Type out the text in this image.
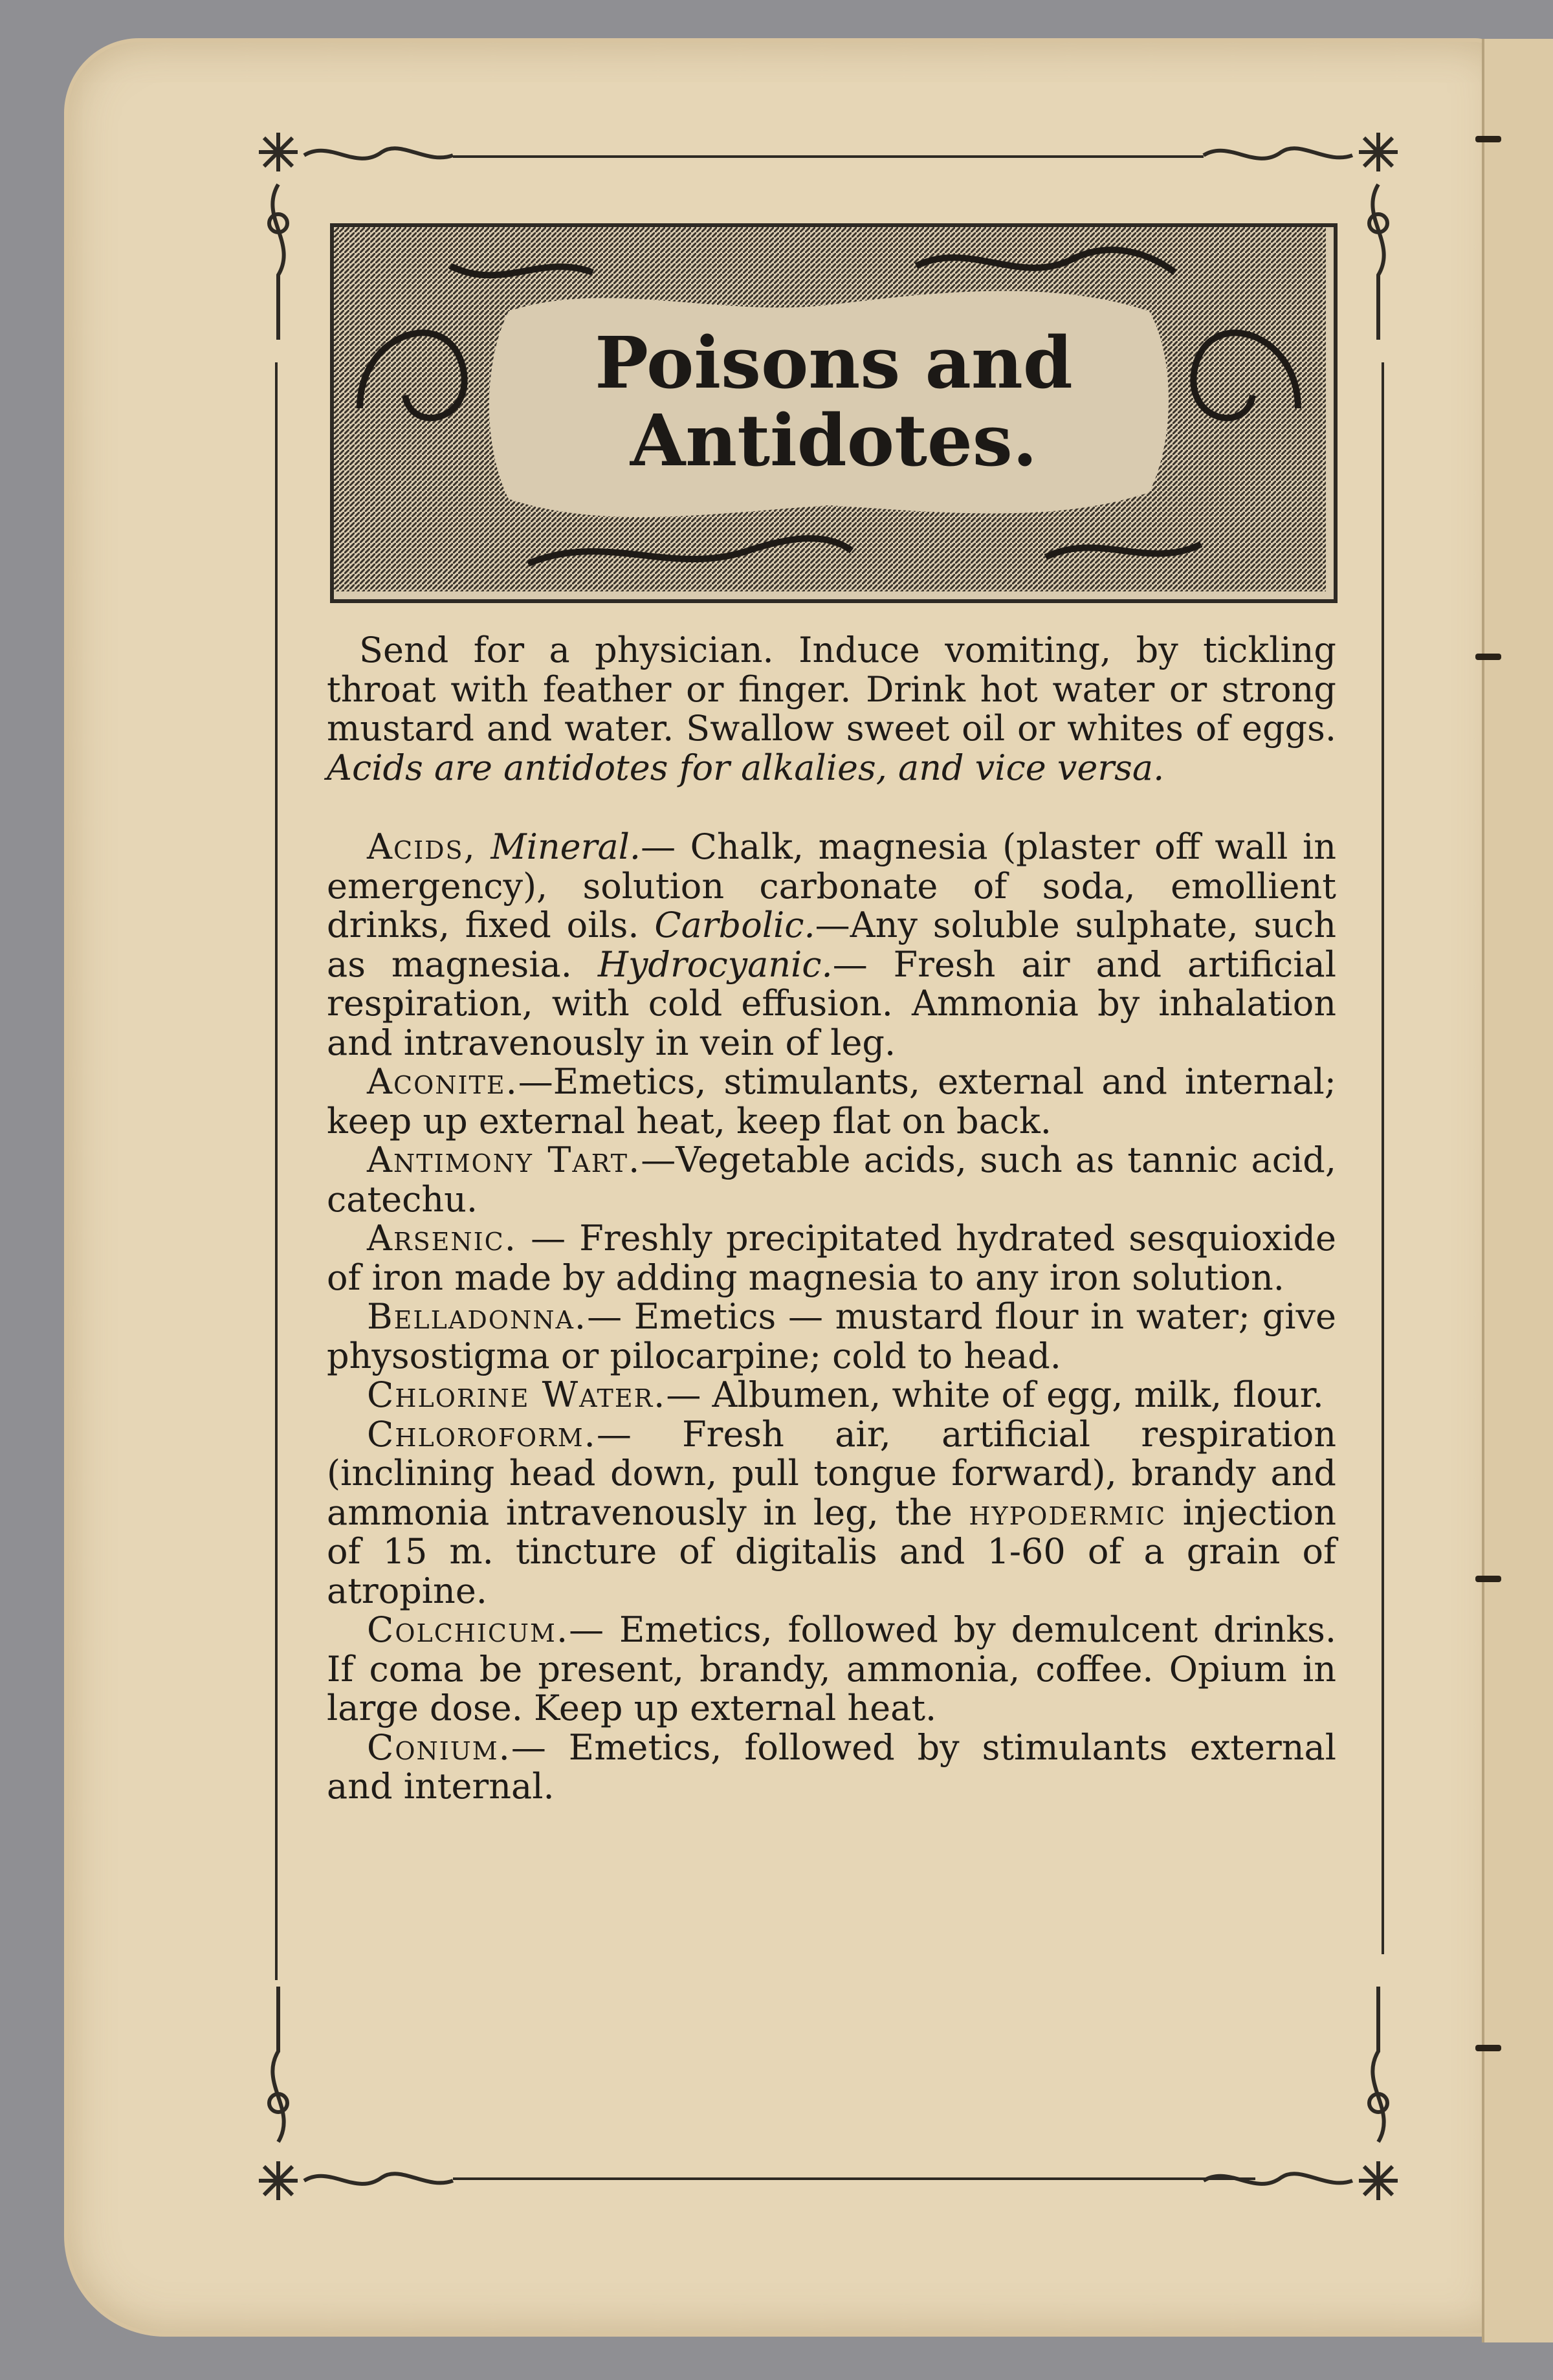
Poisons and
Antidotes.

Send for a physician. Induce vomiting, by tickling throat with feather or finger. Drink hot water or strong mustard and water. Swallow sweet oil or whites of eggs. Acids are antidotes for alkalies, and vice versa.

Acids, Mineral.— Chalk, magnesia (plaster off wall in emergency), solution carbonate of soda, emollient drinks, fixed oils. Carbolic.—Any soluble sulphate, such as magnesia. Hydrocyanic.— Fresh air and artificial respiration, with cold effusion. Ammonia by inhalation and intravenously in vein of leg.

Aconite.—Emetics, stimulants, external and internal; keep up external heat, keep flat on back.

Antimony Tart.—Vegetable acids, such as tannic acid, catechu.

Arsenic. — Freshly precipitated hydrated sesquioxide of iron made by adding magnesia to any iron solution.

Belladonna.— Emetics — mustard flour in water; give physostigma or pilocarpine; cold to head.

Chlorine Water.— Albumen, white of egg, milk, flour.

Chloroform.— Fresh air, artificial respiration (inclining head down, pull tongue forward), brandy and ammonia intravenously in leg, the hypodermic injection of 15 m. tincture of digitalis and 1-60 of a grain of atropine.

Colchicum.— Emetics, followed by demulcent drinks. If coma be present, brandy, ammonia, coffee. Opium in large dose. Keep up external heat.

Conium.— Emetics, followed by stimulants external and internal.
